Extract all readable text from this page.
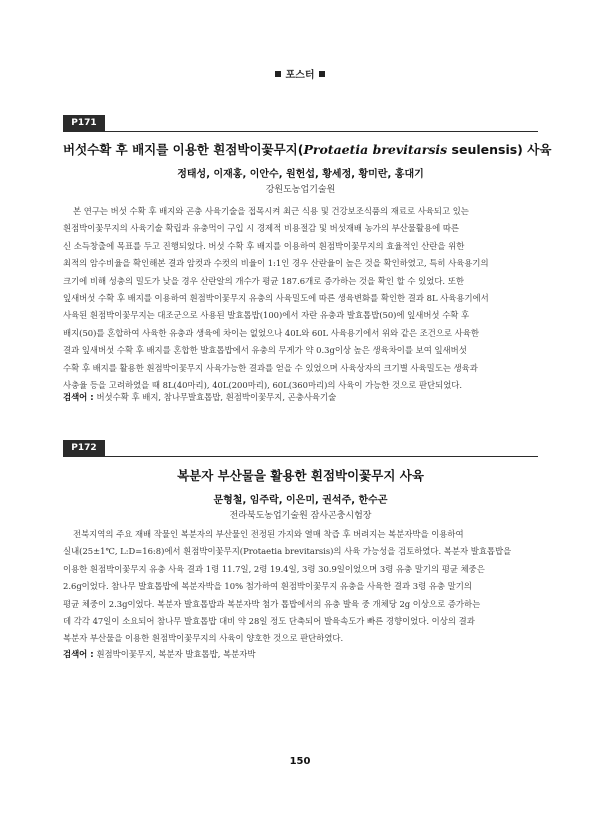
포스터
P171
버섯수확 후 배지를 이용한 흰점박이꽃무지(Protaetia brevitarsis seulensis) 사육
정태성, 이재홍, 이안수, 원헌섭, 황세정, 황미란, 홍대기
강원도농업기술원

본 연구는 버섯 수확 후 배지와 곤충 사육기술을 접목시켜 최근 식용 및 건강보조식품의 재료로 사육되고 있는
흰점박이꽃무지의 사육기술 확립과 유충먹이 구입 시 경제적 비용절감 및 버섯재배 농가의 부산물활용에 따른
신 소득창출에 목표를 두고 진행되었다. 버섯 수확 후 배지를 이용하여 흰점박이꽃무지의 효율적인 산란을 위한
최적의 암수비율을 확인해본 결과 암컷과 수컷의 비율이 1:1인 경우 산란율이 높은 것을 확인하였고, 특히 사육용기의
크기에 비해 성충의 밀도가 낮을 경우 산란알의 개수가 평균 187.6개로 증가하는 것을 확인 할 수 있었다. 또한
잎새버섯 수확 후 배지를 이용하여 흰점박이꽃무지 유충의 사육밀도에 따른 생육변화를 확인한 결과 8L 사육용기에서
사육된 흰점박이꽃무지는 대조군으로 사용된 발효톱밥(100)에서 자란 유충과 발효톱밥(50)에 잎새버섯 수확 후
배지(50)를 혼합하여 사육한 유충과 생육에 차이는 없었으나 40L와 60L 사육용기에서 위와 같은 조건으로 사육한
결과 잎새버섯 수확 후 배지를 혼합한 발효톱밥에서 유충의 무게가 약 0.3g이상 높은 생육차이를 보여 잎새버섯
수확 후 배지를 활용한 흰점박이꽃무지 사육가능한 결과를 얻을 수 있었으며 사육상자의 크기별 사육밀도는 생육과
사충율 등을 고려하였을 때 8L(40마리), 40L(200마리), 60L(360마리)의 사육이 가능한 것으로 판단되었다.

검색어 : 버섯수확 후 배지, 참나무발효톱밥, 흰점박이꽃무지, 곤충사육기술
P172
복분자 부산물을 활용한 흰점박이꽃무지 사육
문형철, 임주락, 이은미, 권석주, 한수곤
전라북도농업기술원 잠사곤충시험장

전북지역의 주요 재배 작물인 복분자의 부산물인 전정된 가지와 열매 착즙 후 버려지는 복분자박을 이용하여
실내(25±1℃, L:D=16:8)에서 흰점박이꽃무지(Protaetia brevitarsis)의 사육 가능성을 검토하였다. 복분자 발효톱밥을
이용한 흰점박이꽃무지 유충 사육 결과 1령 11.7일, 2령 19.4일, 3령 30.9일이었으며 3령 유충 말기의 평균 체중은
2.6g이었다. 참나무 발효톱밥에 복분자박을 10% 첨가하여 흰점박이꽃무지 유충을 사육한 결과 3령 유충 말기의
평균 체중이 2.3g이었다. 복분자 발효톱밥과 복분자박 첨가 톱밥에서의 유충 발육 중 개체당 2g 이상으로 증가하는
데 각각 47일이 소요되어 참나무 발효톱밥 대비 약 28일 정도 단축되어 발육속도가 빠른 경향이었다. 이상의 결과
복분자 부산물을 이용한 흰점박이꽃무지의 사육이 양호한 것으로 판단하였다.

검색어 : 흰점박이꽃무지, 복분자 발효톱밥, 복분자박
150
